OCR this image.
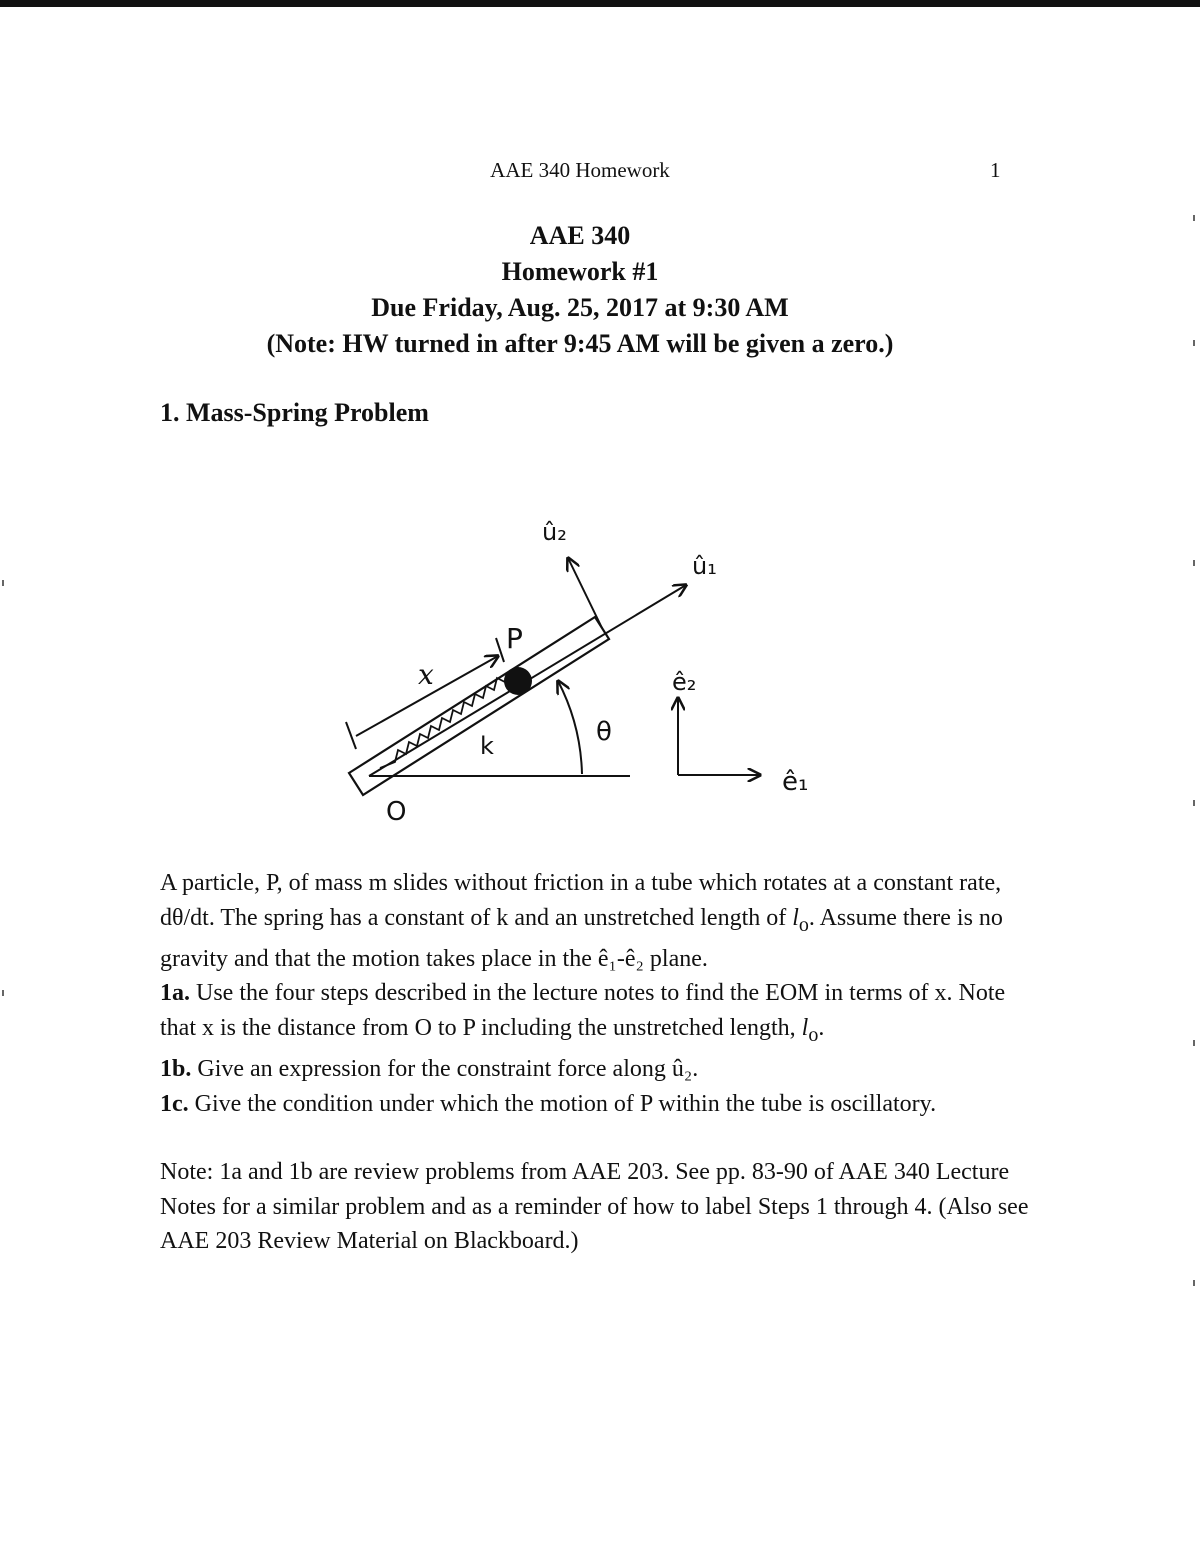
AAE 340 Homework	1
AAE 340
Homework #1
Due Friday, Aug. 25, 2017 at 9:30 AM
(Note: HW turned in after 9:45 AM will be given a zero.)
1. Mass-Spring Problem
û₂
û₁
P
x
k	θ
O
ê₂
ê₁

A particle, P, of mass m slides without friction in a tube which rotates at a constant rate, dθ/dt. The spring has a constant of k and an unstretched length of $l_o$. Assume there is no gravity and that the motion takes place in the ê₁-ê₂ plane.

1a. Use the four steps described in the lecture notes to find the EOM in terms of x. Note that x is the distance from O to P including the unstretched length, $l_o$.

1b. Give an expression for the constraint force along û₂.

1c. Give the condition under which the motion of P within the tube is oscillatory.

Note: 1a and 1b are review problems from AAE 203. See pp. 83-90 of AAE 340 Lecture Notes for a similar problem and as a reminder of how to label Steps 1 through 4. (Also see AAE 203 Review Material on Blackboard.)
